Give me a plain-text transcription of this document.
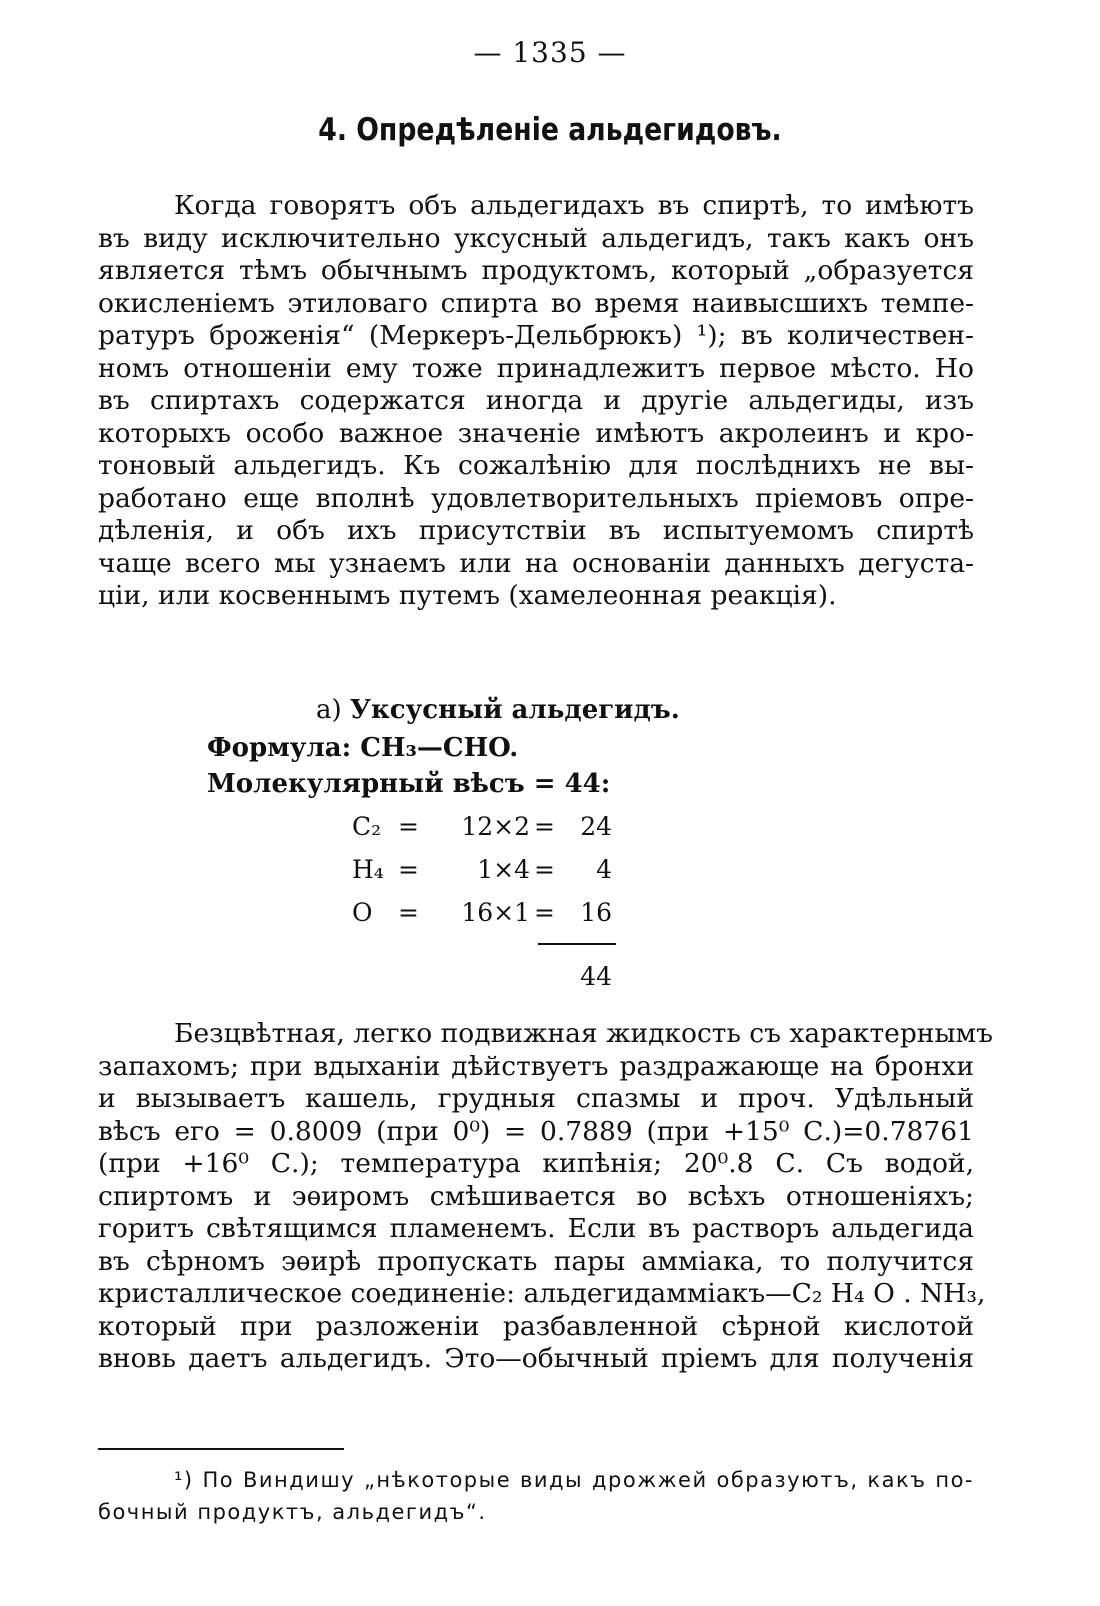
— 1335 —
4. Опредѣленіе альдегидовъ.
Когда говорятъ объ альдегидахъ въ спиртѣ, то имѣютъ
въ виду исключительно уксусный альдегидъ, такъ какъ онъ
является тѣмъ обычнымъ продуктомъ, который „образуется
окисленіемъ этиловаго спирта во время наивысшихъ темпе-
ратуръ броженія“ (Меркеръ-Дельбрюкъ) ¹); въ количествен-
номъ отношеніи ему тоже принадлежитъ первое мѣсто. Но
въ спиртахъ содержатся иногда и другіе альдегиды, изъ
которыхъ особо важное значеніе имѣютъ акролеинъ и кро-
тоновый альдегидъ. Къ сожалѣнію для послѣднихъ не вы-
работано еще вполнѣ удовлетворительныхъ пріемовъ опре-
дѣленія, и объ ихъ присутствіи въ испытуемомъ спиртѣ
чаще всего мы узнаемъ или на основаніи данныхъ дегуста-
ціи, или косвеннымъ путемъ (хамелеонная реакція).
а) Уксусный альдегидъ.
Формула: CH₃—CHO.
Молекулярный вѣсъ = 44:
C₂ =	12×2 =	24
H₄ =	1×4 =	4
O =	16×1 =	16
44
Безцвѣтная, легко подвижная жидкость съ характернымъ
запахомъ; при вдыханіи дѣйствуетъ раздражающе на бронхи
и вызываетъ кашель, грудныя спазмы и проч. Удѣльный
вѣсъ его = 0.8009 (при 0⁰) = 0.7889 (при +15⁰ С.)=0.78761
(при +16⁰ С.); температура кипѣнія; 20⁰.8 С. Съ водой,
спиртомъ и эѳиромъ смѣшивается во всѣхъ отношеніяхъ;
горитъ свѣтящимся пламенемъ. Если въ растворъ альдегида
въ сѣрномъ эѳирѣ пропускать пары амміака, то получится
кристаллическое соединеніе: альдегидамміакъ—C₂ H₄ O . NH₃,
который при разложеніи разбавленной сѣрной кислотой
вновь даетъ альдегидъ. Это—обычный пріемъ для полученія
¹) По Виндишу „нѣкоторые виды дрожжей образуютъ, какъ по-
бочный продуктъ, альдегидъ“.
